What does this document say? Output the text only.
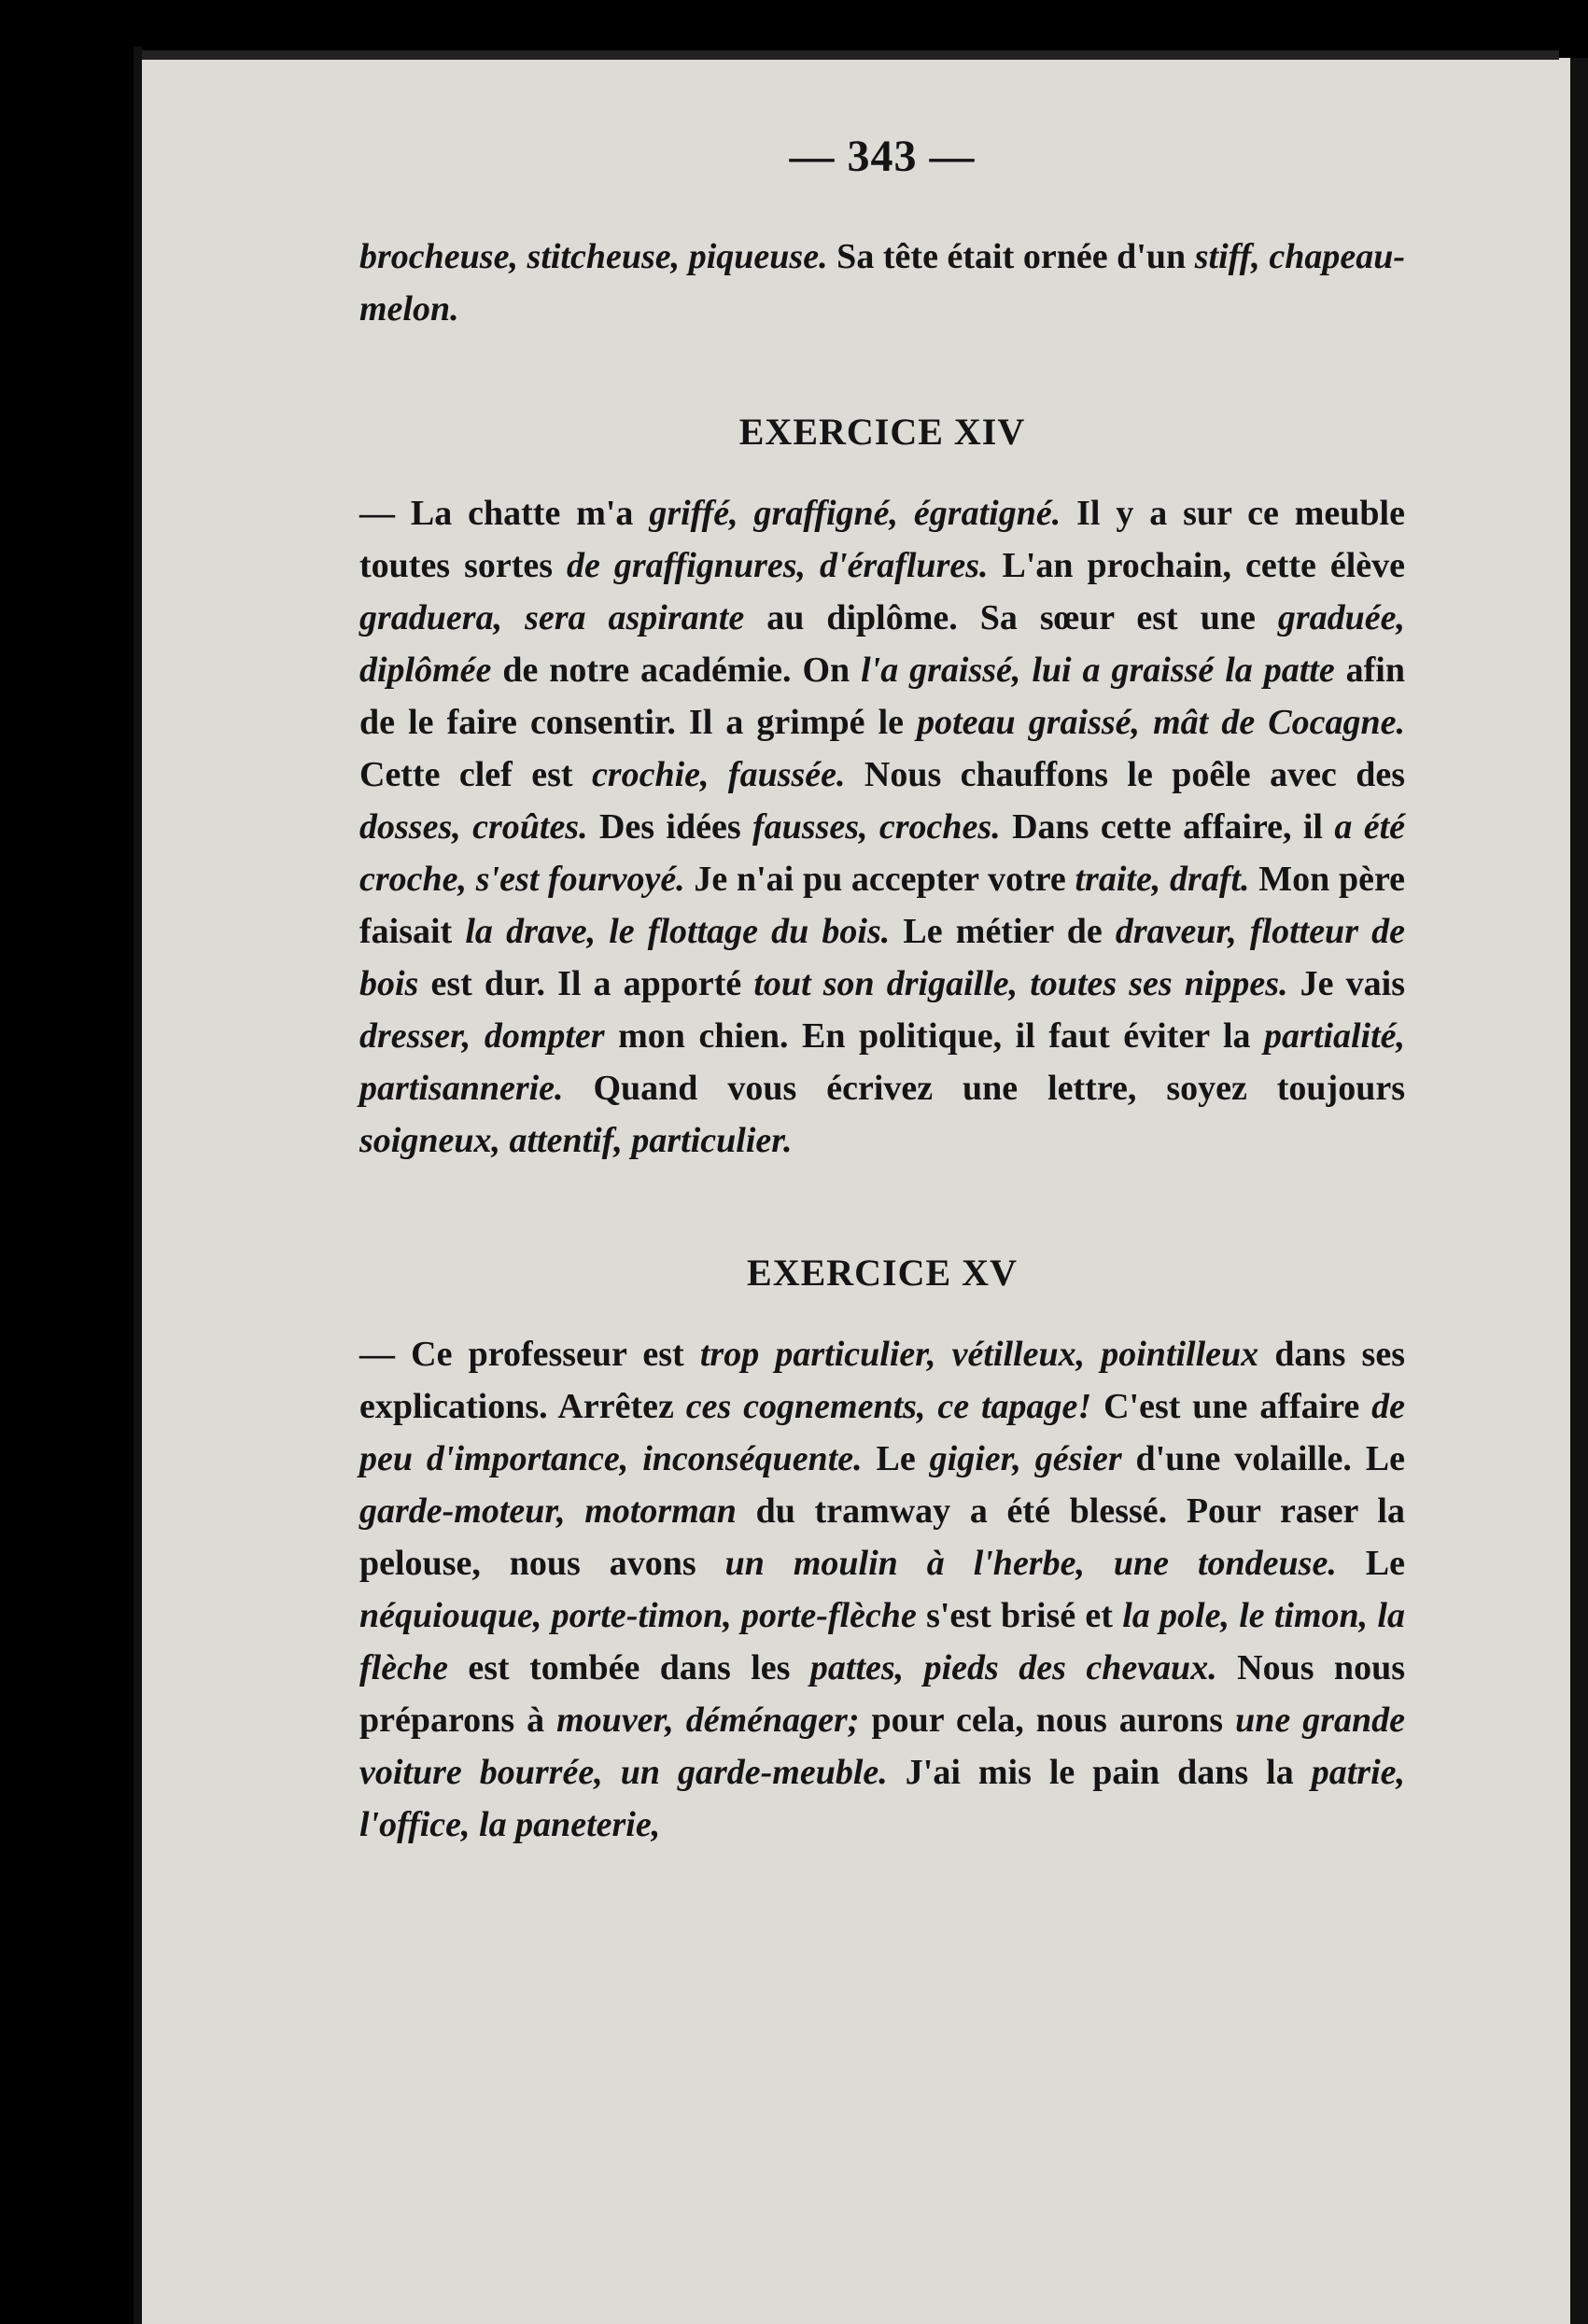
— 343 —

brocheuse, stitcheuse, piqueuse. Sa tête était ornée d'un stiff, chapeau-melon.

EXERCICE XIV

— La chatte m'a griffé, graffigné, égratigné. Il y a sur ce meuble toutes sortes de graffignures, d'éraflures. L'an prochain, cette élève graduera, sera aspirante au diplôme. Sa sœur est une graduée, diplômée de notre académie. On l'a graissé, lui a graissé la patte afin de le faire consentir. Il a grimpé le poteau graissé, mât de Cocagne. Cette clef est crochie, faussée. Nous chauffons le poêle avec des dosses, croûtes. Des idées fausses, croches. Dans cette affaire, il a été croche, s'est fourvoyé. Je n'ai pu accepter votre traite, draft. Mon père faisait la drave, le flottage du bois. Le métier de draveur, flotteur de bois est dur. Il a apporté tout son drigaille, toutes ses nippes. Je vais dresser, dompter mon chien. En politique, il faut éviter la partialité, partisannerie. Quand vous écrivez une lettre, soyez toujours soigneux, attentif, particulier.

EXERCICE XV

— Ce professeur est trop particulier, vétilleux, pointilleux dans ses explications. Arrêtez ces cognements, ce tapage! C'est une affaire de peu d'importance, inconséquente. Le gigier, gésier d'une volaille. Le garde-moteur, motorman du tramway a été blessé. Pour raser la pelouse, nous avons un moulin à l'herbe, une tondeuse. Le néquiouque, porte-timon, porte-flèche s'est brisé et la pole, le timon, la flèche est tombée dans les pattes, pieds des chevaux. Nous nous préparons à mouver, déménager; pour cela, nous aurons une grande voiture bourrée, un garde-meuble. J'ai mis le pain dans la patrie, l'office, la paneterie,
